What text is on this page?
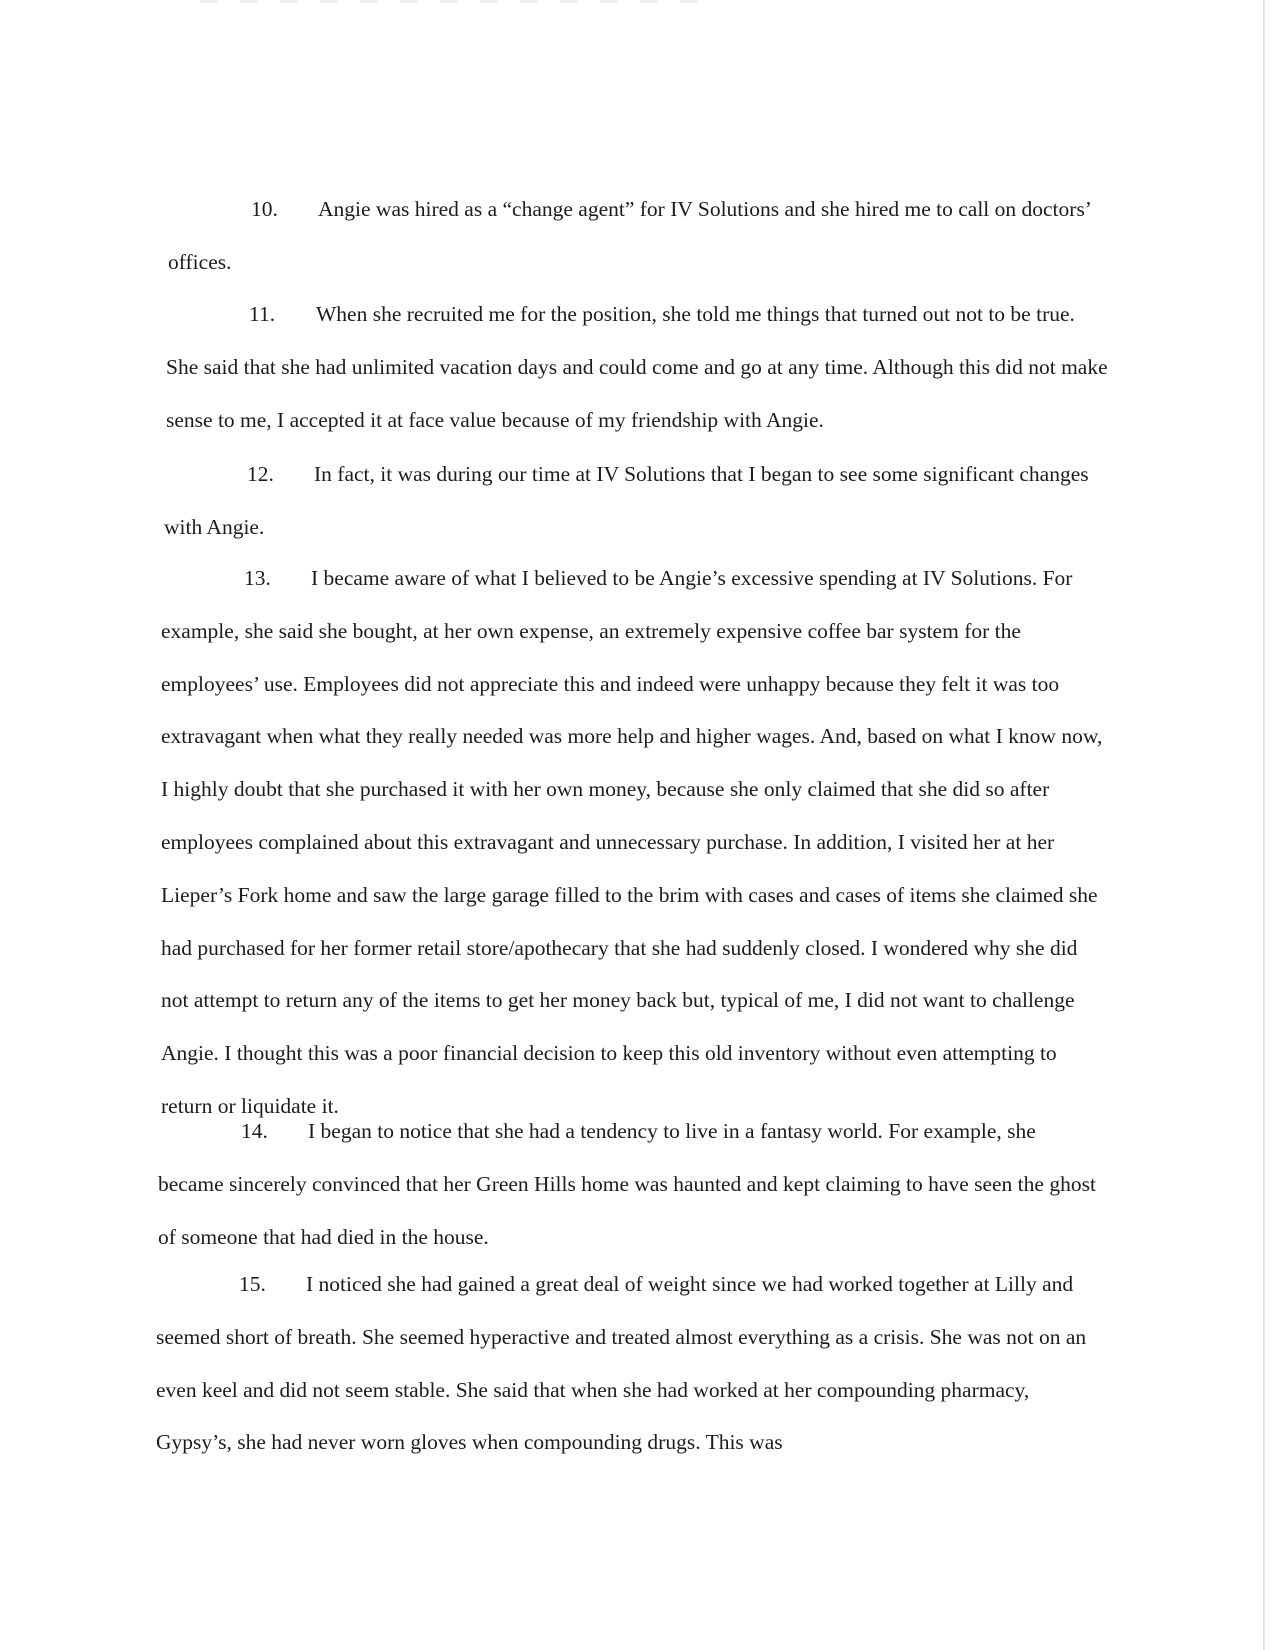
10. Angie was hired as a “change agent” for IV Solutions and she hired me to call on doctors’ offices.

11. When she recruited me for the position, she told me things that turned out not to be true. She said that she had unlimited vacation days and could come and go at any time. Although this did not make sense to me, I accepted it at face value because of my friendship with Angie.

12. In fact, it was during our time at IV Solutions that I began to see some significant changes with Angie.

13. I became aware of what I believed to be Angie’s excessive spending at IV Solutions. For example, she said she bought, at her own expense, an extremely expensive coffee bar system for the employees’ use. Employees did not appreciate this and indeed were unhappy because they felt it was too extravagant when what they really needed was more help and higher wages. And, based on what I know now, I highly doubt that she purchased it with her own money, because she only claimed that she did so after employees complained about this extravagant and unnecessary purchase. In addition, I visited her at her Lieper’s Fork home and saw the large garage filled to the brim with cases and cases of items she claimed she had purchased for her former retail store/apothecary that she had suddenly closed. I wondered why she did not attempt to return any of the items to get her money back but, typical of me, I did not want to challenge Angie. I thought this was a poor financial decision to keep this old inventory without even attempting to return or liquidate it.

14. I began to notice that she had a tendency to live in a fantasy world. For example, she became sincerely convinced that her Green Hills home was haunted and kept claiming to have seen the ghost of someone that had died in the house.

15. I noticed she had gained a great deal of weight since we had worked together at Lilly and seemed short of breath. She seemed hyperactive and treated almost everything as a crisis. She was not on an even keel and did not seem stable. She said that when she had worked at her compounding pharmacy, Gypsy’s, she had never worn gloves when compounding drugs. This was
